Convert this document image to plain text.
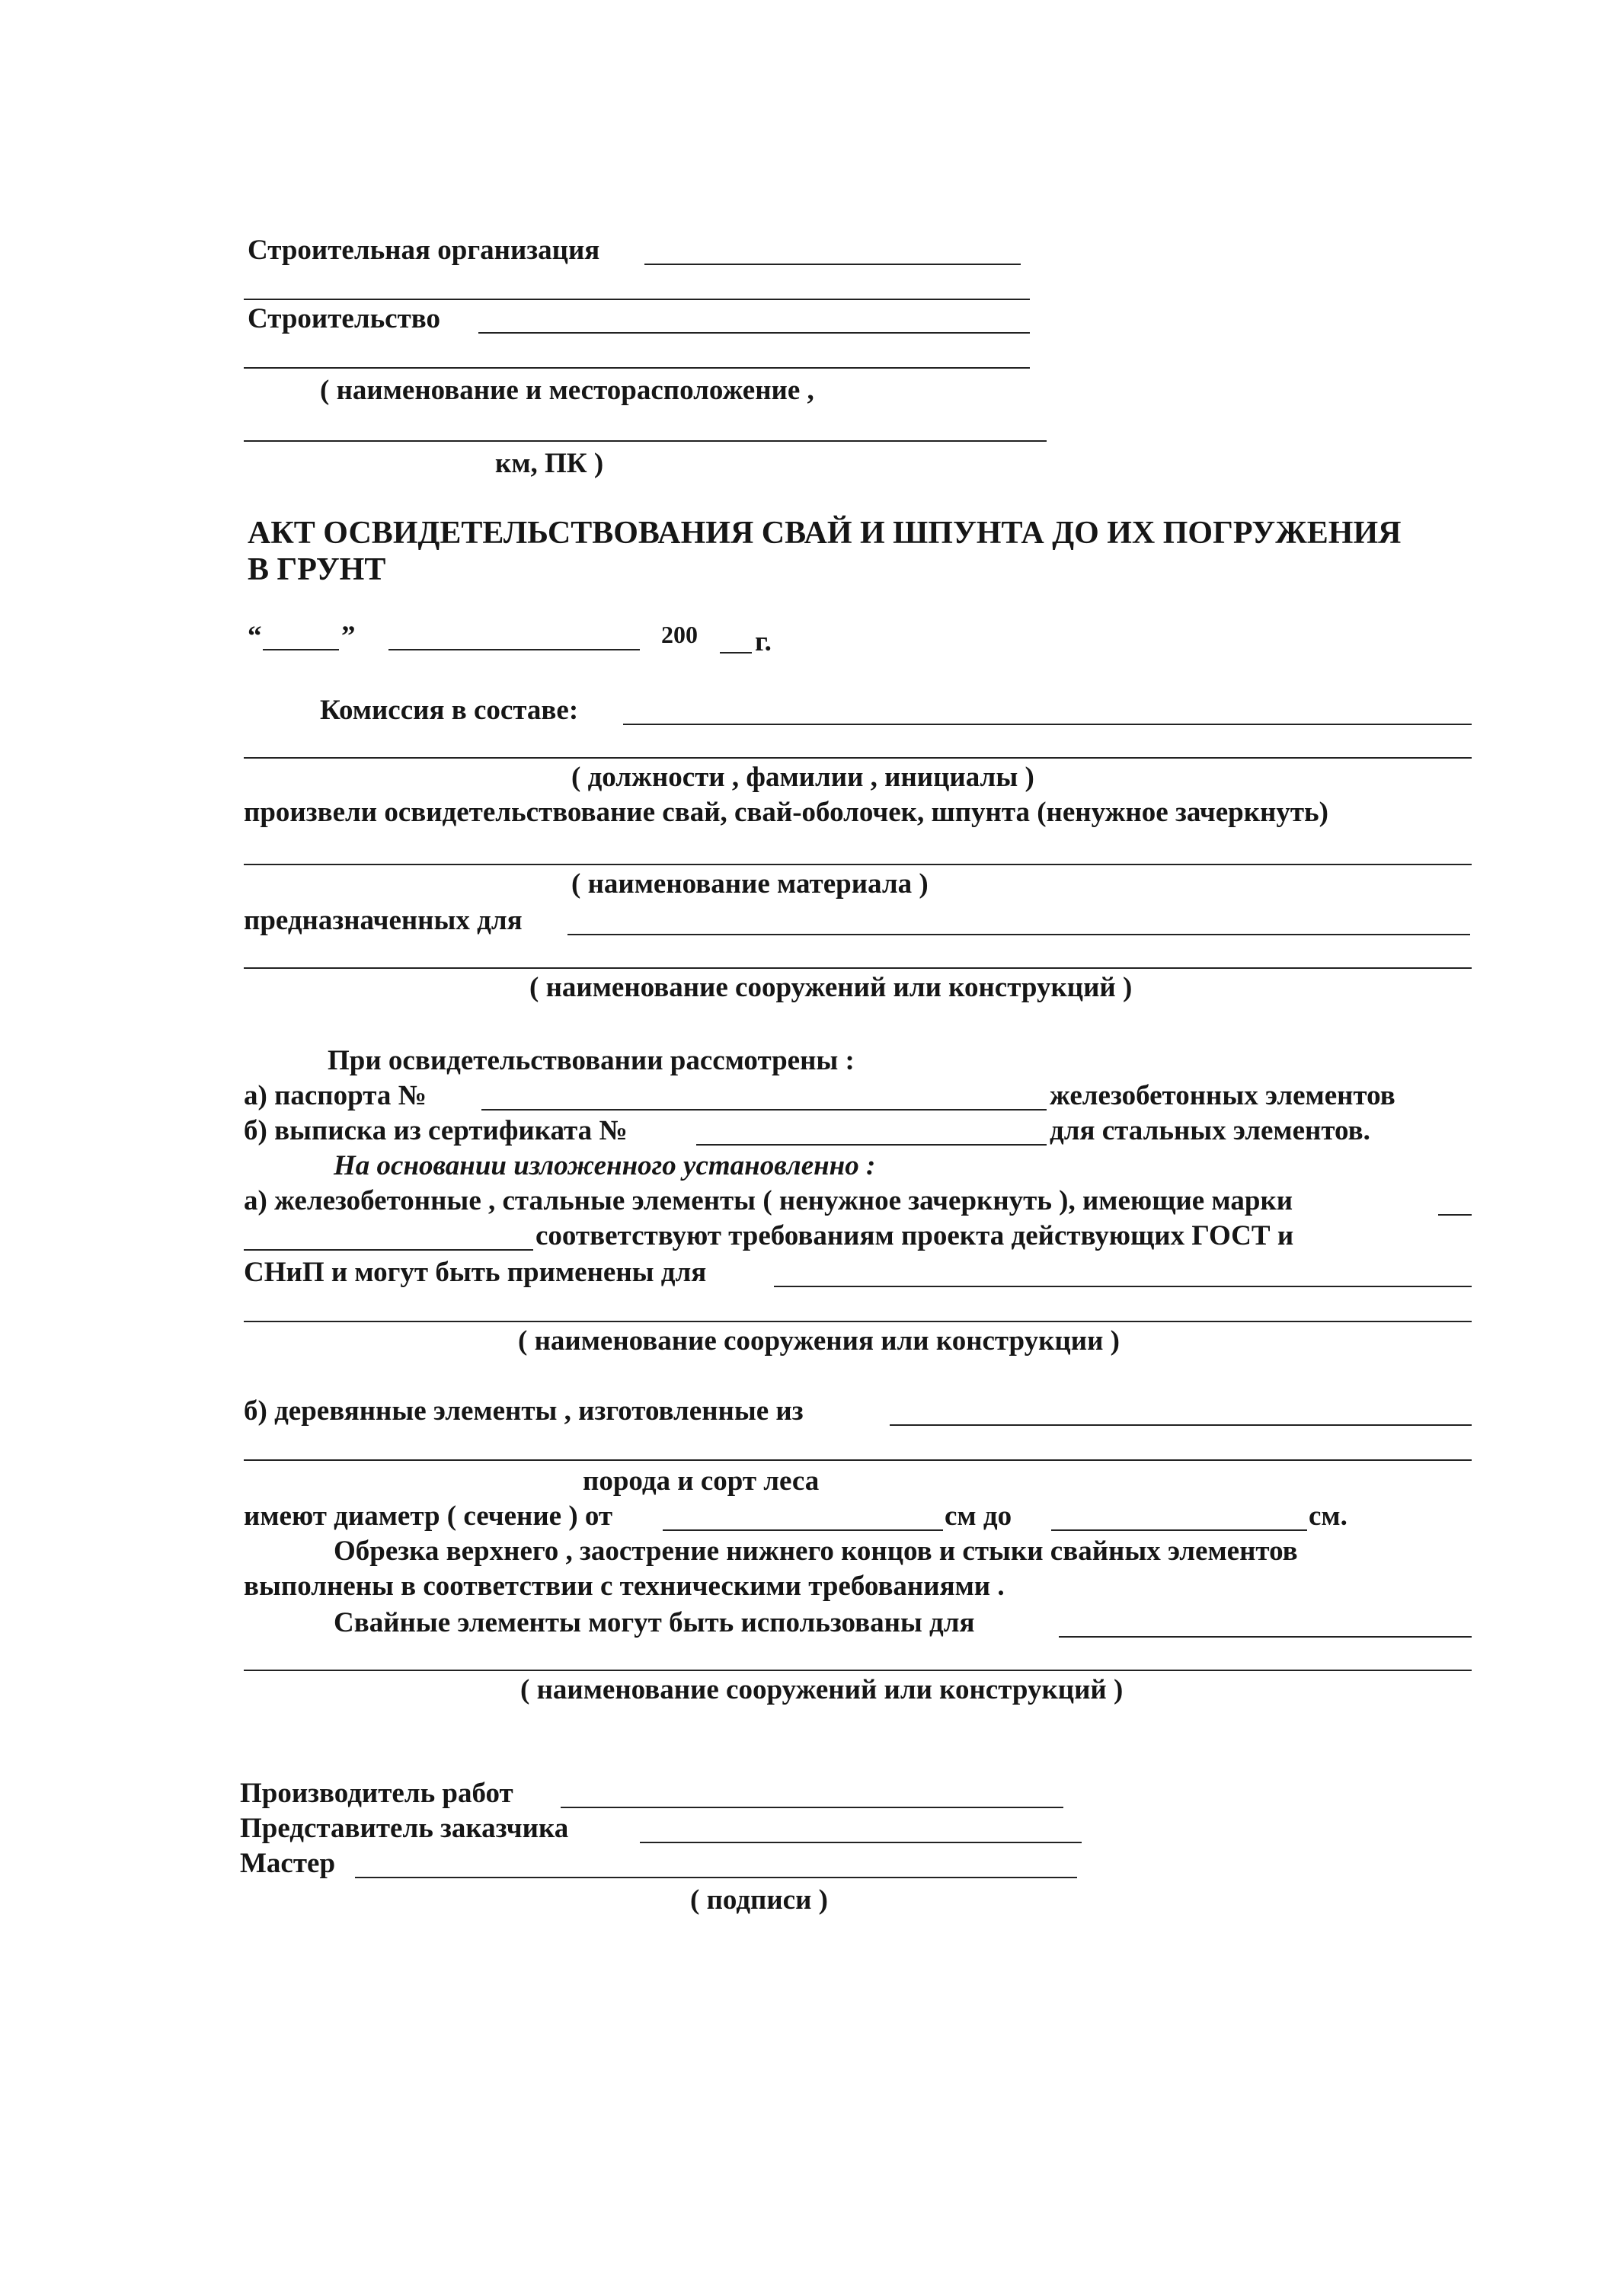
Строительная организация
Строительство
( наименование и месторасположение ,
км, ПК )
АКТ ОСВИДЕТЕЛЬСТВОВАНИЯ СВАЙ И ШПУНТА ДО ИХ ПОГРУЖЕНИЯ
В ГРУНТ
“	”	200 г.
Комиссия в составе:
( должности , фамилии , инициалы )
произвели освидетельствование свай, свай-оболочек, шпунта (ненужное зачеркнуть)
( наименование материала )
предназначенных для
( наименование сооружений или конструкций )
При освидетельствовании рассмотрены :
а) паспорта №	железобетонных элементов
б) выписка из сертификата №	для стальных элементов.
На основании изложенного установленно :
а) железобетонные , стальные элементы ( ненужное зачеркнуть ), имеющие марки
соответствуют требованиям проекта действующих ГОСТ и
СНиП и могут быть применены для
( наименование сооружения или конструкции )
б) деревянные элементы , изготовленные из
порода и сорт леса
имеют диаметр ( сечение ) от	см до	см.
Обрезка верхнего , заострение нижнего концов и стыки свайных элементов
выполнены в соответствии с техническими требованиями .
Свайные элементы могут быть использованы для
( наименование сооружений или конструкций )
Производитель работ
Представитель заказчика
Мастер
( подписи )
